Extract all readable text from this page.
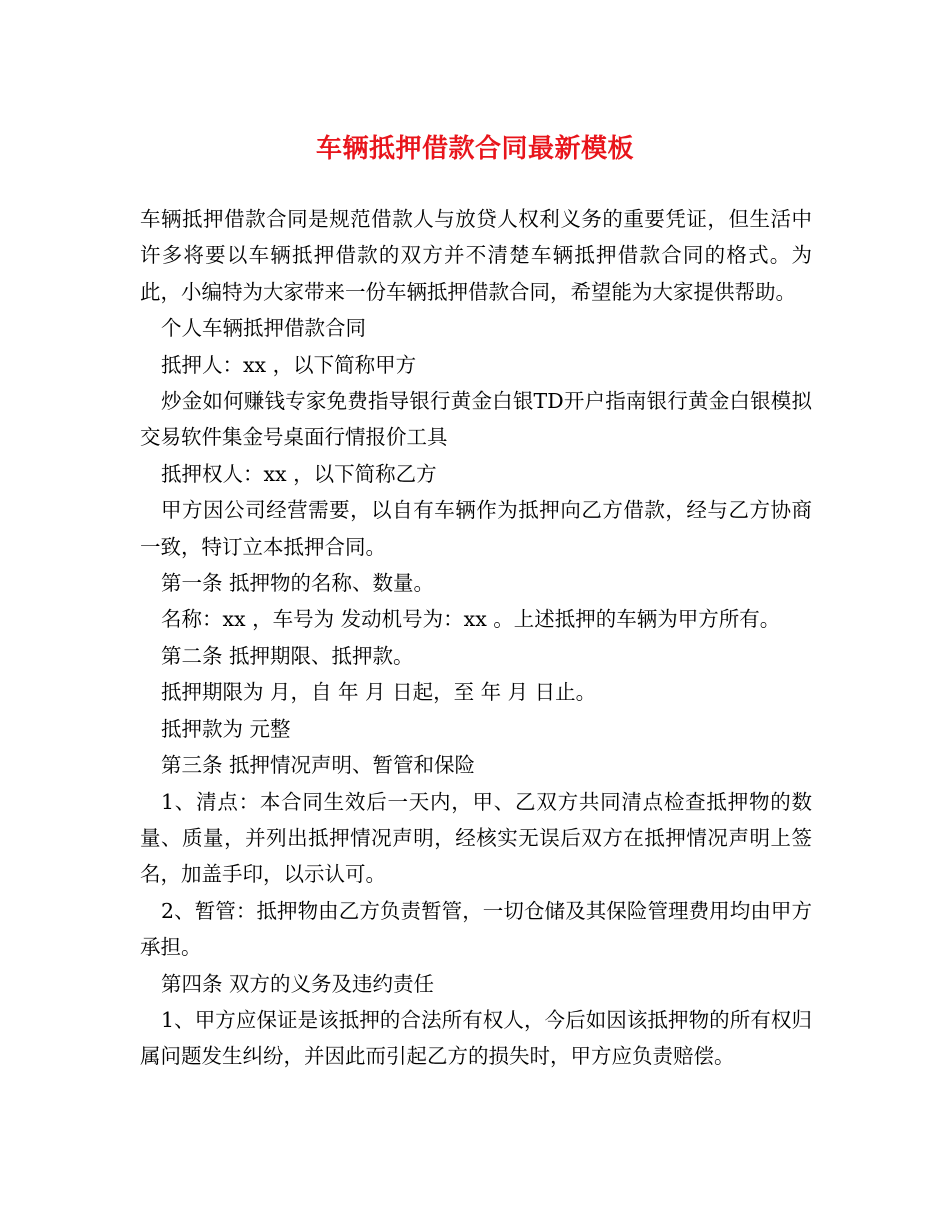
车辆抵押借款合同最新模板

车辆抵押借款合同是规范借款人与放贷人权利义务的重要凭证，但生活中许多将要以车辆抵押借款的双方并不清楚车辆抵押借款合同的格式。为此，小编特为大家带来一份车辆抵押借款合同，希望能为大家提供帮助。

个人车辆抵押借款合同

抵押人：xx ，以下简称甲方

炒金如何赚钱专家免费指导银行黄金白银TD开户指南银行黄金白银模拟交易软件集金号桌面行情报价工具

抵押权人：xx ，以下简称乙方

甲方因公司经营需要，以自有车辆作为抵押向乙方借款，经与乙方协商一致，特订立本抵押合同。

第一条 抵押物的名称、数量。

名称：xx ，车号为 发动机号为：xx 。上述抵押的车辆为甲方所有。

第二条 抵押期限、抵押款。

抵押期限为 月，自 年 月 日起，至 年 月 日止。

抵押款为 元整

第三条 抵押情况声明、暂管和保险

1、清点：本合同生效后一天内，甲、乙双方共同清点检查抵押物的数量、质量，并列出抵押情况声明，经核实无误后双方在抵押情况声明上签名，加盖手印，以示认可。

2、暂管：抵押物由乙方负责暂管，一切仓储及其保险管理费用均由甲方承担。

第四条 双方的义务及违约责任

1、甲方应保证是该抵押的合法所有权人，今后如因该抵押物的所有权归属问题发生纠纷，并因此而引起乙方的损失时，甲方应负责赔偿。
